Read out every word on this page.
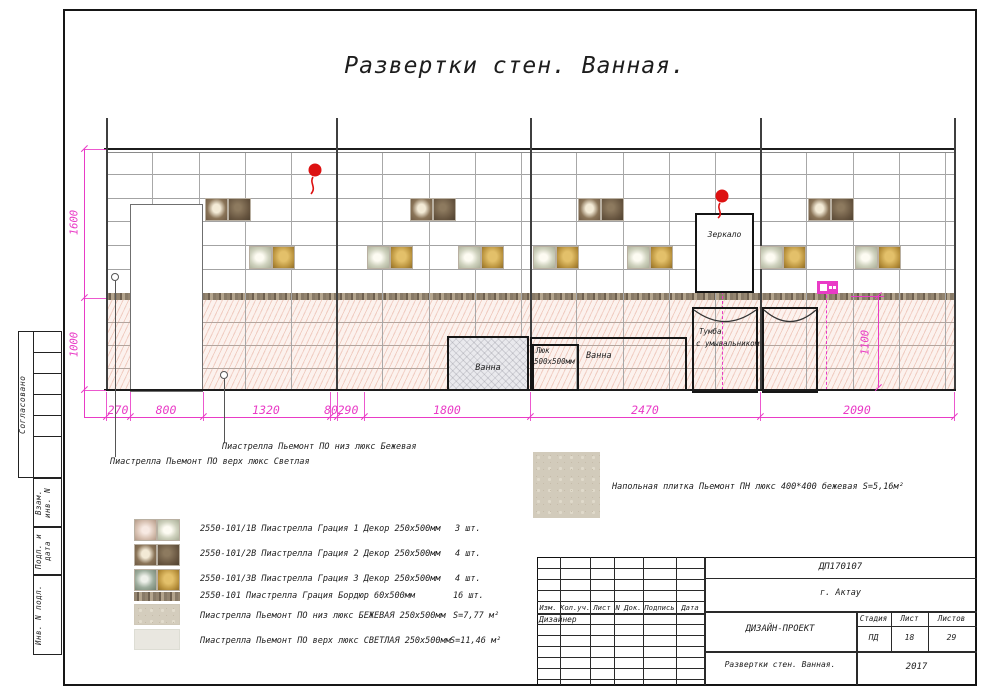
Развертки стен. Ванная.
Согласовано
Взам. инв. N
Подп. и дата
Инв. N подл.
Зеркало
Ванна
Люк
500х500мм
Ванна
Тумба
с умывальником	1100
Пиастрелла Пьемонт ПО верх люкс Светлая
Пиастрелла Пьемонт ПО низ люкс Бежевая
270	800	1320	80 290	1800	2470	2090
1600
1000
Напольная плитка Пьемонт ПН люкс 400*400 бежевая S=5,16м²
2550-101/1В Пиастрелла Грация 1 Декор 250х500мм 3 шт.
2550-101/2В Пиастрелла Грация 2 Декор 250х500мм 4 шт.
2550-101/3В Пиастрелла Грация 3 Декор 250х500мм 4 шт.
2550-101 Пиастрелла Грация Бордюр 60х500мм	16 шт.
Пиастрелла Пьемонт ПО низ люкс БЕЖЕВАЯ 250х500мм S=7,77 м²
Пиастрелла Пьемонт ПО верх люкс СВЕТЛАЯ 250х500мм S=11,46 м²
ДП170107
г. Актау
Изм. Кол.уч. Лист N Док. Подпись Дата
Дизайнер
ДИЗАЙН-ПРОЕКТ
Стадия	Лист	Листов
ПД	18	29
Развертки стен. Ванная.	2017
